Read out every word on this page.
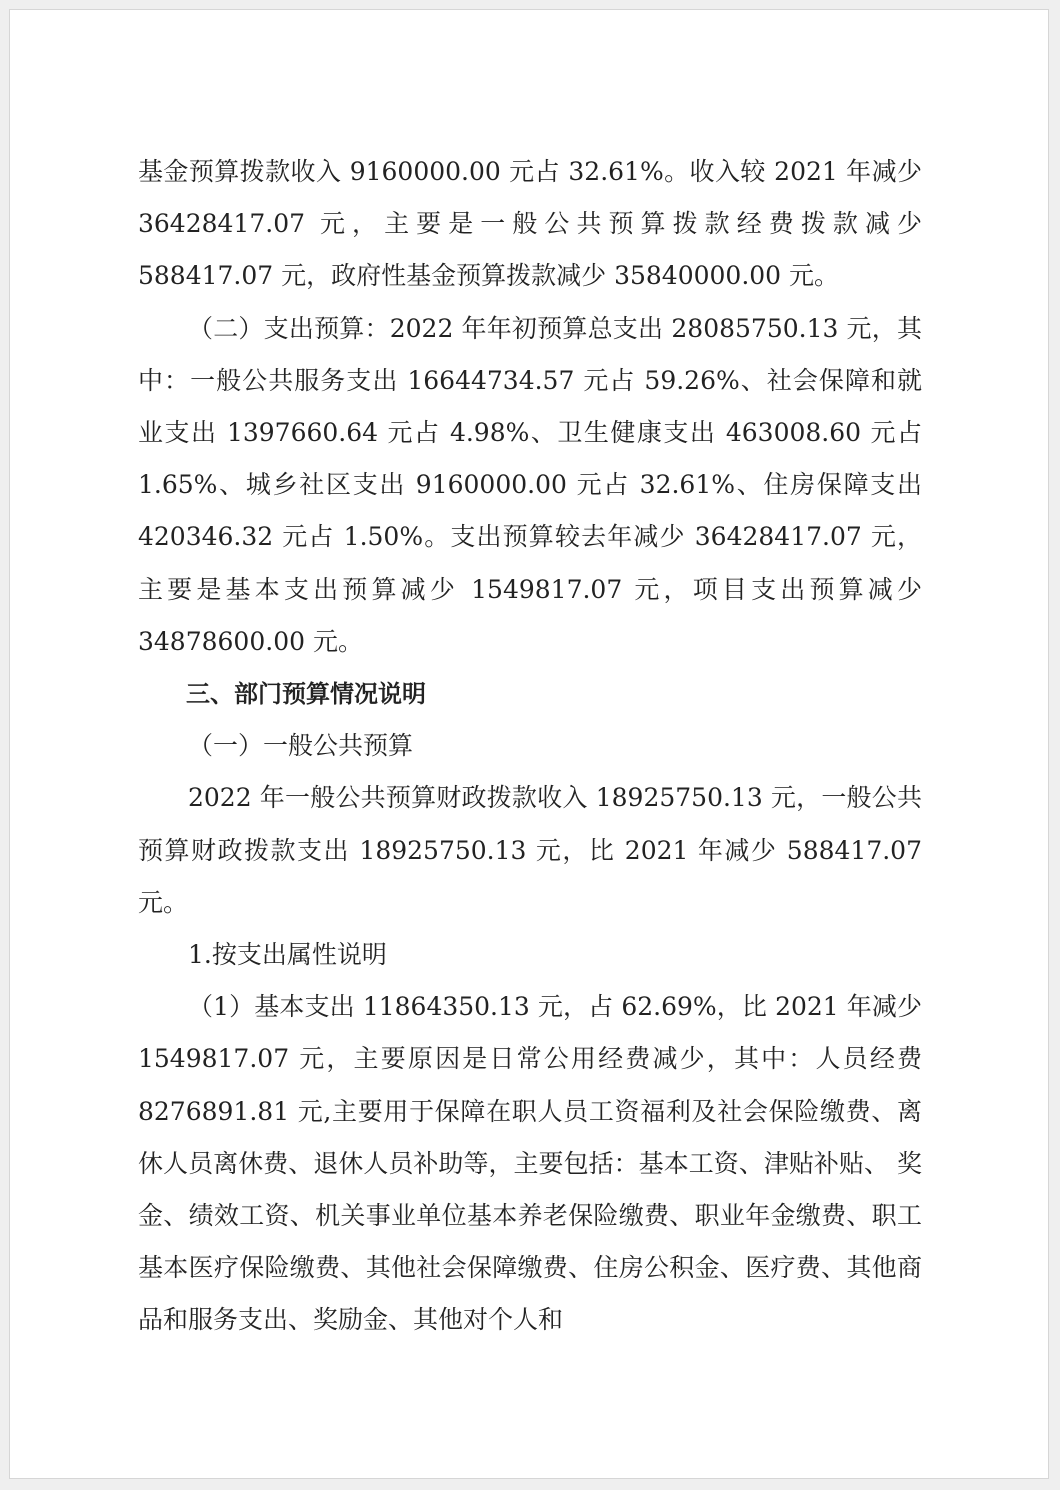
基金预算拨款收入 9160000.00 元占 32.61%。收入较 2021 年减少 36428417.07 元，主要是一般公共预算拨款经费拨款减少 588417.07 元，政府性基金预算拨款减少 35840000.00 元。

（二）支出预算：2022 年年初预算总支出 28085750.13 元，其中：一般公共服务支出 16644734.57 元占 59.26%、社会保障和就业支出 1397660.64 元占 4.98%、卫生健康支出 463008.60 元占 1.65%、城乡社区支出 9160000.00 元占 32.61%、住房保障支出 420346.32 元占 1.50%。支出预算较去年减少 36428417.07 元，主要是基本支出预算减少 1549817.07 元，项目支出预算减少 34878600.00 元。

三、部门预算情况说明

（一）一般公共预算

2022 年一般公共预算财政拨款收入 18925750.13 元，一般公共预算财政拨款支出 18925750.13 元，比 2021 年减少 588417.07 元。

1.按支出属性说明

（1）基本支出 11864350.13 元，占 62.69%，比 2021 年减少 1549817.07 元，主要原因是日常公用经费减少，其中：人员经费 8276891.81 元,主要用于保障在职人员工资福利及社会保险缴费、离休人员离休费、退休人员补助等，主要包括：基本工资、津贴补贴、 奖金、绩效工资、机关事业单位基本养老保险缴费、职业年金缴费、职工基本医疗保险缴费、其他社会保障缴费、住房公积金、医疗费、其他商品和服务支出、奖励金、其他对个人和
